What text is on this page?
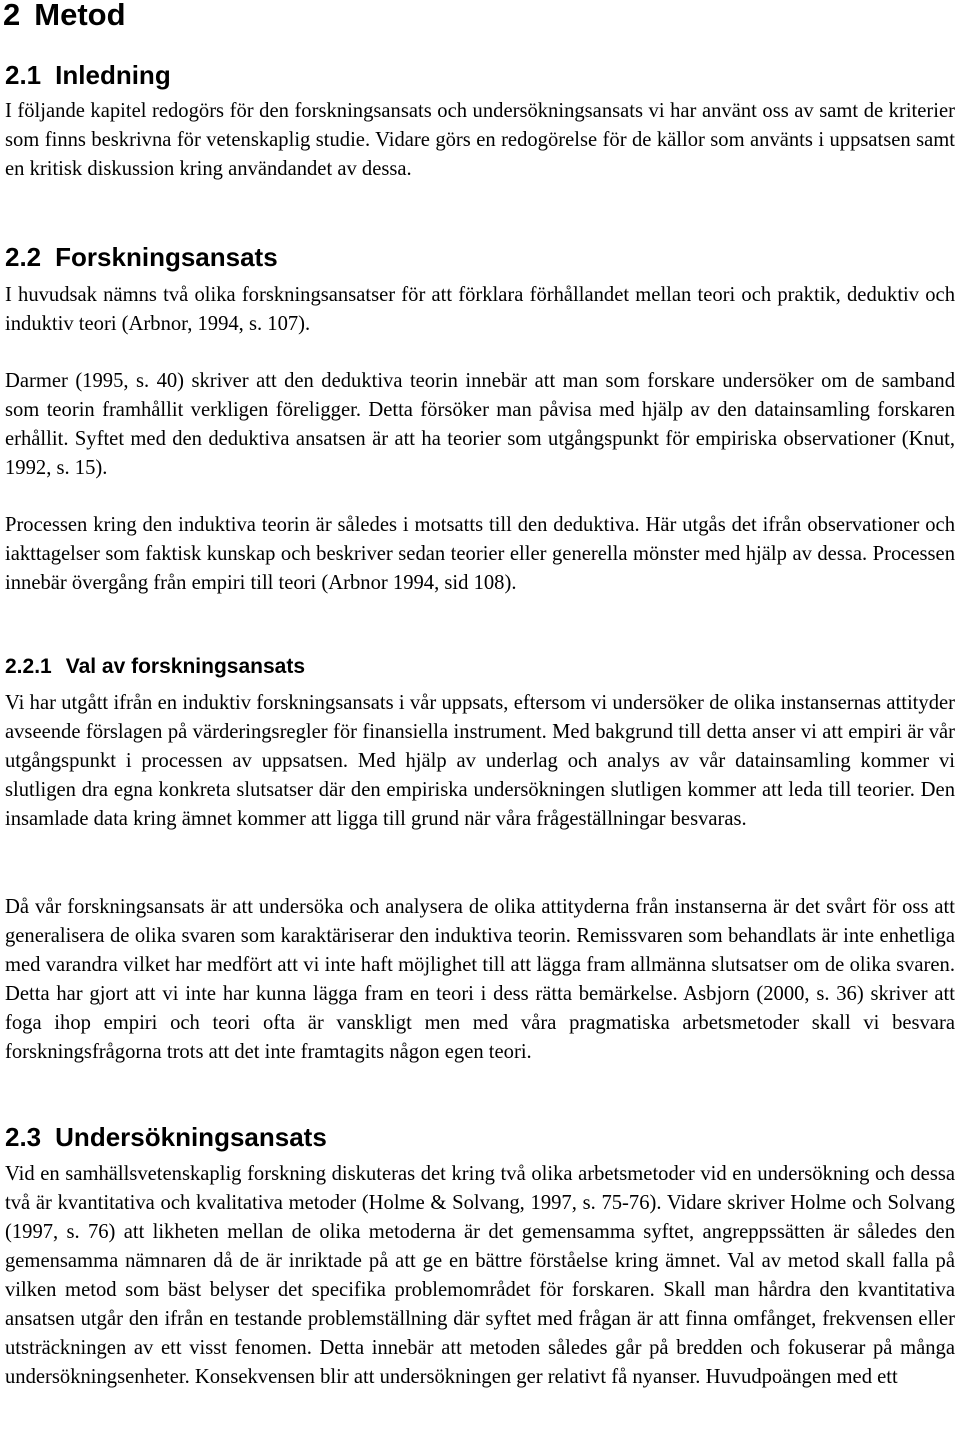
2 Metod
2.1 Inledning

I följande kapitel redogörs för den forskningsansats och undersökningsansats vi har använt oss av samt de kriterier som finns beskrivna för vetenskaplig studie. Vidare görs en redogörelse för de källor som använts i uppsatsen samt en kritisk diskussion kring användandet av dessa.

2.2 Forskningsansats

I huvudsak nämns två olika forskningsansatser för att förklara förhållandet mellan teori och praktik, deduktiv och induktiv teori (Arbnor, 1994, s. 107).

Darmer (1995, s. 40) skriver att den deduktiva teorin innebär att man som forskare undersöker om de samband som teorin framhållit verkligen föreligger. Detta försöker man påvisa med hjälp av den datainsamling forskaren erhållit. Syftet med den deduktiva ansatsen är att ha teorier som utgångspunkt för empiriska observationer (Knut, 1992, s. 15).

Processen kring den induktiva teorin är således i motsatts till den deduktiva. Här utgås det ifrån observationer och iakttagelser som faktisk kunskap och beskriver sedan teorier eller generella mönster med hjälp av dessa. Processen innebär övergång från empiri till teori (Arbnor 1994, sid 108).

2.2.1 Val av forskningsansats

Vi har utgått ifrån en induktiv forskningsansats i vår uppsats, eftersom vi undersöker de olika instansernas attityder avseende förslagen på värderingsregler för finansiella instrument. Med bakgrund till detta anser vi att empiri är vår utgångspunkt i processen av uppsatsen. Med hjälp av underlag och analys av vår datainsamling kommer vi slutligen dra egna konkreta slutsatser där den empiriska undersökningen slutligen kommer att leda till teorier. Den insamlade data kring ämnet kommer att ligga till grund när våra frågeställningar besvaras.

Då vår forskningsansats är att undersöka och analysera de olika attityderna från instanserna är det svårt för oss att generalisera de olika svaren som karaktäriserar den induktiva teorin. Remissvaren som behandlats är inte enhetliga med varandra vilket har medfört att vi inte haft möjlighet till att lägga fram allmänna slutsatser om de olika svaren. Detta har gjort att vi inte har kunna lägga fram en teori i dess rätta bemärkelse. Asbjorn (2000, s. 36) skriver att foga ihop empiri och teori ofta är vanskligt men med våra pragmatiska arbetsmetoder skall vi besvara forskningsfrågorna trots att det inte framtagits någon egen teori.

2.3 Undersökningsansats

Vid en samhällsvetenskaplig forskning diskuteras det kring två olika arbetsmetoder vid en undersökning och dessa två är kvantitativa och kvalitativa metoder (Holme & Solvang, 1997, s. 75-76). Vidare skriver Holme och Solvang (1997, s. 76) att likheten mellan de olika metoderna är det gemensamma syftet, angreppssätten är således den gemensamma nämnaren då de är inriktade på att ge en bättre förståelse kring ämnet. Val av metod skall falla på vilken metod som bäst belyser det specifika problemområdet för forskaren. Skall man hårdra den kvantitativa ansatsen utgår den ifrån en testande problemställning där syftet med frågan är att finna omfånget, frekvensen eller utsträckningen av ett visst fenomen. Detta innebär att metoden således går på bredden och fokuserar på många undersökningsenheter. Konsekvensen blir att undersökningen ger relativt få nyanser. Huvudpoängen med ett
